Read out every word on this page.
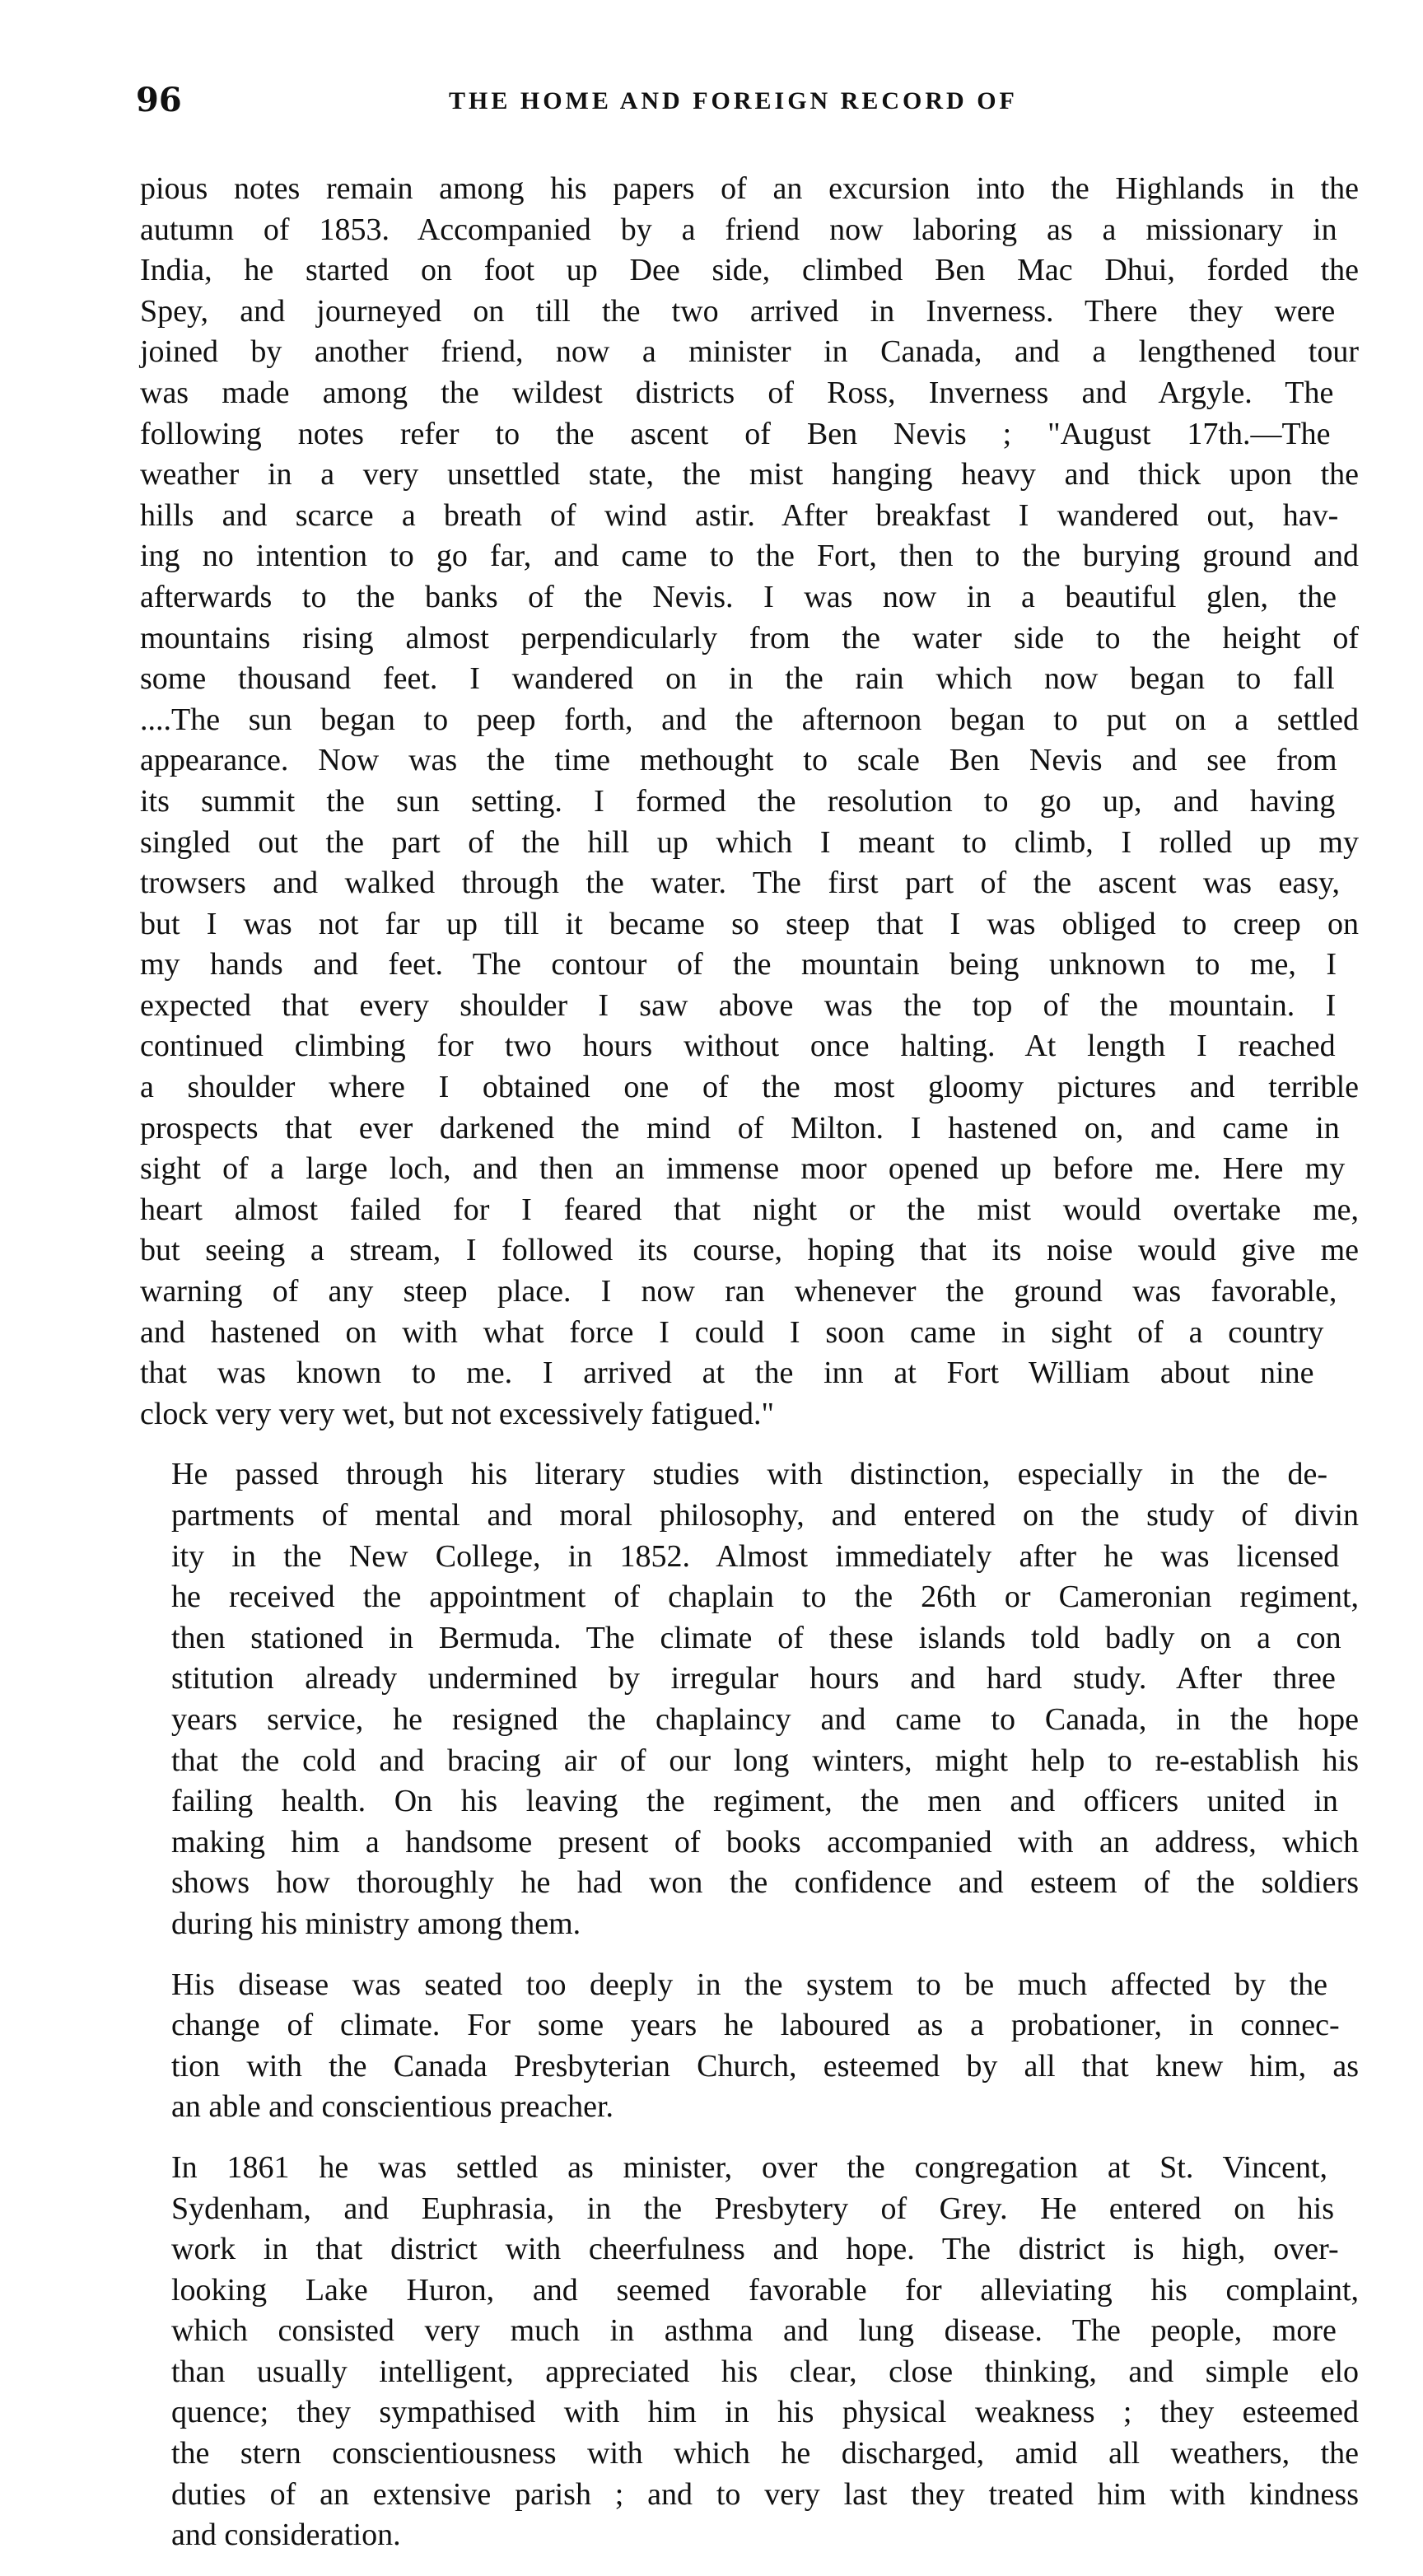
96	THE HOME AND FOREIGN RECORD OF

pious notes remain among his papers of an excursion into the Highlands in the
autumn of 1853. Accompanied by a friend now laboring as a missionary in
India, he started on foot up Dee side, climbed Ben Mac Dhui, forded the
Spey, and journeyed on till the two arrived in Inverness. There they were
joined by another friend, now a minister in Canada, and a lengthened tour
was made among the wildest districts of Ross, Inverness and Argyle. The
following notes refer to the ascent of Ben Nevis ; "August 17th.—The
weather in a very unsettled state, the mist hanging heavy and thick upon the
hills and scarce a breath of wind astir. After breakfast I wandered out, hav-
ing no intention to go far, and came to the Fort, then to the burying ground and
afterwards to the banks of the Nevis. I was now in a beautiful glen, the
mountains rising almost perpendicularly from the water side to the height of
some thousand feet. I wandered on in the rain which now began to fall
....The sun began to peep forth, and the afternoon began to put on a settled
appearance. Now was the time methought to scale Ben Nevis and see from
its summit the sun setting. I formed the resolution to go up, and having
singled out the part of the hill up which I meant to climb, I rolled up my
trowsers and walked through the water. The first part of the ascent was easy,
but I was not far up till it became so steep that I was obliged to creep on
my hands and feet. The contour of the mountain being unknown to me, I
expected that every shoulder I saw above was the top of the mountain. I
continued climbing for two hours without once halting. At length I reached
a shoulder where I obtained one of the most gloomy pictures and terrible
prospects that ever darkened the mind of Milton. I hastened on, and came in
sight of a large loch, and then an immense moor opened up before me. Here my
heart almost failed for I feared that night or the mist would overtake me,
but seeing a stream, I followed its course, hoping that its noise would give me
warning of any steep place. I now ran whenever the ground was favorable,
and hastened on with what force I could I soon came in sight of a country
that was known to me. I arrived at the inn at Fort William about nine
clock very very wet, but not excessively fatigued."

He passed through his literary studies with distinction, especially in the de-
partments of mental and moral philosophy, and entered on the study of divin
ity in the New College, in 1852. Almost immediately after he was licensed
he received the appointment of chaplain to the 26th or Cameronian regiment,
then stationed in Bermuda. The climate of these islands told badly on a con
stitution already undermined by irregular hours and hard study. After three
years service, he resigned the chaplaincy and came to Canada, in the hope
that the cold and bracing air of our long winters, might help to re-establish his
failing health. On his leaving the regiment, the men and officers united in
making him a handsome present of books accompanied with an address, which
shows how thoroughly he had won the confidence and esteem of the soldiers
during his ministry among them.

His disease was seated too deeply in the system to be much affected by the
change of climate. For some years he laboured as a probationer, in connec-
tion with the Canada Presbyterian Church, esteemed by all that knew him, as
an able and conscientious preacher.

In 1861 he was settled as minister, over the congregation at St. Vincent,
Sydenham, and Euphrasia, in the Presbytery of Grey. He entered on his
work in that district with cheerfulness and hope. The district is high, over-
looking Lake Huron, and seemed favorable for alleviating his complaint,
which consisted very much in asthma and lung disease. The people, more
than usually intelligent, appreciated his clear, close thinking, and simple elo
quence; they sympathised with him in his physical weakness ; they esteemed
the stern conscientiousness with which he discharged, amid all weathers, the
duties of an extensive parish ; and to very last they treated him with kindness
and consideration.
